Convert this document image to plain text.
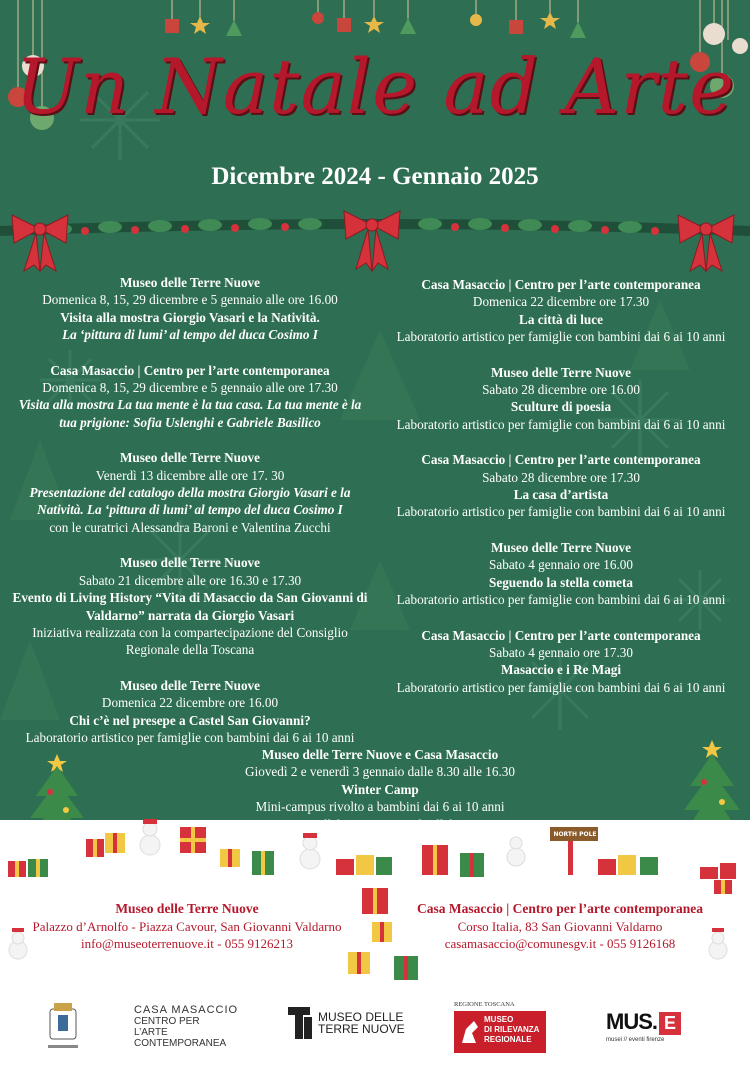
Un Natale ad Arte
Dicembre 2024 - Gennaio 2025
Museo delle Terre Nuove
Domenica 8, 15, 29 dicembre e 5 gennaio alle ore 16.00
Visita alla mostra Giorgio Vasari e la Natività.
La ‘pittura di lumi’ al tempo del duca Cosimo I
Casa Masaccio | Centro per l’arte contemporanea
Domenica 8, 15, 29 dicembre e 5 gennaio alle ore 17.30
Visita alla mostra La tua mente è la tua casa. La tua mente è la tua prigione: Sofia Uslenghi e Gabriele Basilico
Museo delle Terre Nuove
Venerdì 13 dicembre alle ore 17. 30
Presentazione del catalogo della mostra Giorgio Vasari e la Natività. La ‘pittura di lumi’ al tempo del duca Cosimo I
con le curatrici Alessandra Baroni e Valentina Zucchi
Museo delle Terre Nuove
Sabato 21 dicembre alle ore 16.30 e 17.30
Evento di Living History “Vita di Masaccio da San Giovanni di Valdarno” narrata da Giorgio Vasari
Iniziativa realizzata con la compartecipazione del Consiglio Regionale della Toscana
Museo delle Terre Nuove
Domenica 22 dicembre ore 16.00
Chi c’è nel presepe a Castel San Giovanni?
Laboratorio artistico per famiglie con bambini dai 6 ai 10 anni
Casa Masaccio | Centro per l’arte contemporanea
Domenica 22 dicembre ore 17.30
La città di luce
Laboratorio artistico per famiglie con bambini dai 6 ai 10 anni
Museo delle Terre Nuove
Sabato 28 dicembre ore 16.00
Sculture di poesia
Laboratorio artistico per famiglie con bambini dai 6 ai 10 anni
Casa Masaccio | Centro per l’arte contemporanea
Sabato 28 dicembre ore 17.30
La casa d’artista
Laboratorio artistico per famiglie con bambini dai 6 ai 10 anni
Museo delle Terre Nuove
Sabato 4 gennaio ore 16.00
Seguendo la stella cometa
Laboratorio artistico per famiglie con bambini dai 6 ai 10 anni
Casa Masaccio | Centro per l’arte contemporanea
Sabato 4 gennaio ore 17.30
Masaccio e i Re Magi
Laboratorio artistico per famiglie con bambini dai 6 ai 10 anni
Museo delle Terre Nuove e Casa Masaccio
Giovedì 2 e venerdì 3 gennaio dalle 8.30 alle 16.30
Winter Camp
Mini-campus rivolto a bambini dai 6 ai 10 anni
NORTH POLE
Museo delle Terre Nuove
Palazzo d’Arnolfo - Piazza Cavour, San Giovanni Valdarno
info@museoterrenuove.it - 055 9126213
Casa Masaccio | Centro per l’arte contemporanea
Corso Italia, 83 San Giovanni Valdarno
casamasaccio@comunesgv.it - 055 9126168
CASA MASACCIO
CENTRO PER
L’ARTE
CONTEMPORANEA
MUSEO DELLE
TERRE NUOVE
REGIONE TOSCANA
MUSEO
DI RILEVANZA
REGIONALE
MUS. E
musei // eventi firenze
